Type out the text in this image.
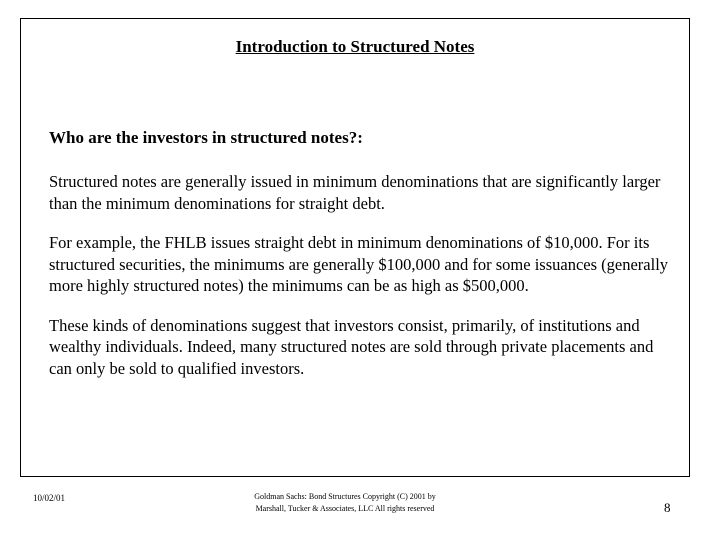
Introduction to Structured Notes

Who are the investors in structured notes?:

Structured notes are generally issued in minimum denominations that are significantly larger than the minimum denominations for straight debt.

For example, the FHLB issues straight debt in minimum denominations of $10,000. For its structured securities, the minimums are generally $100,000 and for some issuances (generally more highly structured notes) the minimums can be as high as $500,000.

These kinds of denominations suggest that investors consist, primarily, of institutions and wealthy individuals. Indeed, many structured notes are sold through private placements and can only be sold to qualified investors.

10/02/01	Goldman Sachs: Bond Structures Copyright (C) 2001 by Marshall, Tucker & Associates, LLC All rights reserved	8
